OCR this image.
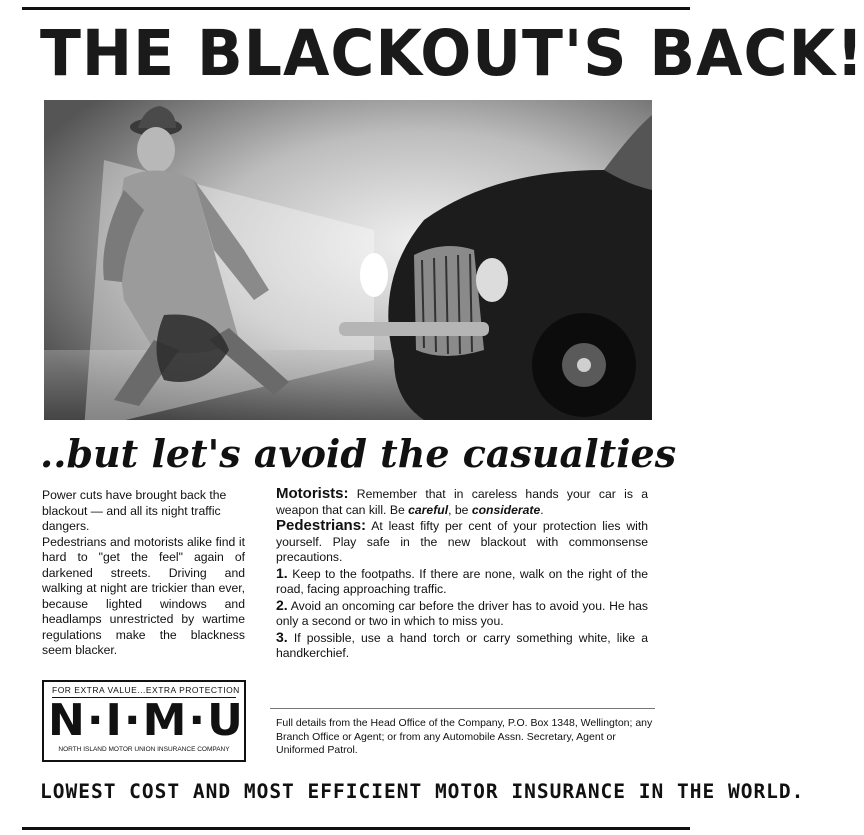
THE BLACKOUT'S BACK!
..but let's avoid the casualties

Power cuts have brought back the blackout — and all its night traffic dangers.

Pedestrians and motorists alike find it hard to "get the feel" again of darkened streets. Driving and walking at night are trickier than ever, because lighted windows and headlamps unrestricted by wartime regulations make the blackness seem blacker.

Motorists: Remember that in careless hands your car is a weapon that can kill. Be careful, be considerate.

Pedestrians: At least fifty per cent of your protection lies with yourself. Play safe in the new blackout with commonsense precautions.

1. Keep to the footpaths. If there are none, walk on the right of the road, facing approaching traffic.

2. Avoid an oncoming car before the driver has to avoid you. He has only a second or two in which to miss you.

3. If possible, use a hand torch or carry something white, like a handkerchief.

FOR EXTRA VALUE...EXTRA PROTECTION
N·I·M·U
NORTH ISLAND MOTOR UNION INSURANCE COMPANY
Full details from the Head Office of the Company, P.O. Box 1348, Wellington; any Branch Office or Agent; or from any Automobile Assn. Secretary, Agent or Uniformed Patrol.
LOWEST COST AND MOST EFFICIENT MOTOR INSURANCE IN THE WORLD.
